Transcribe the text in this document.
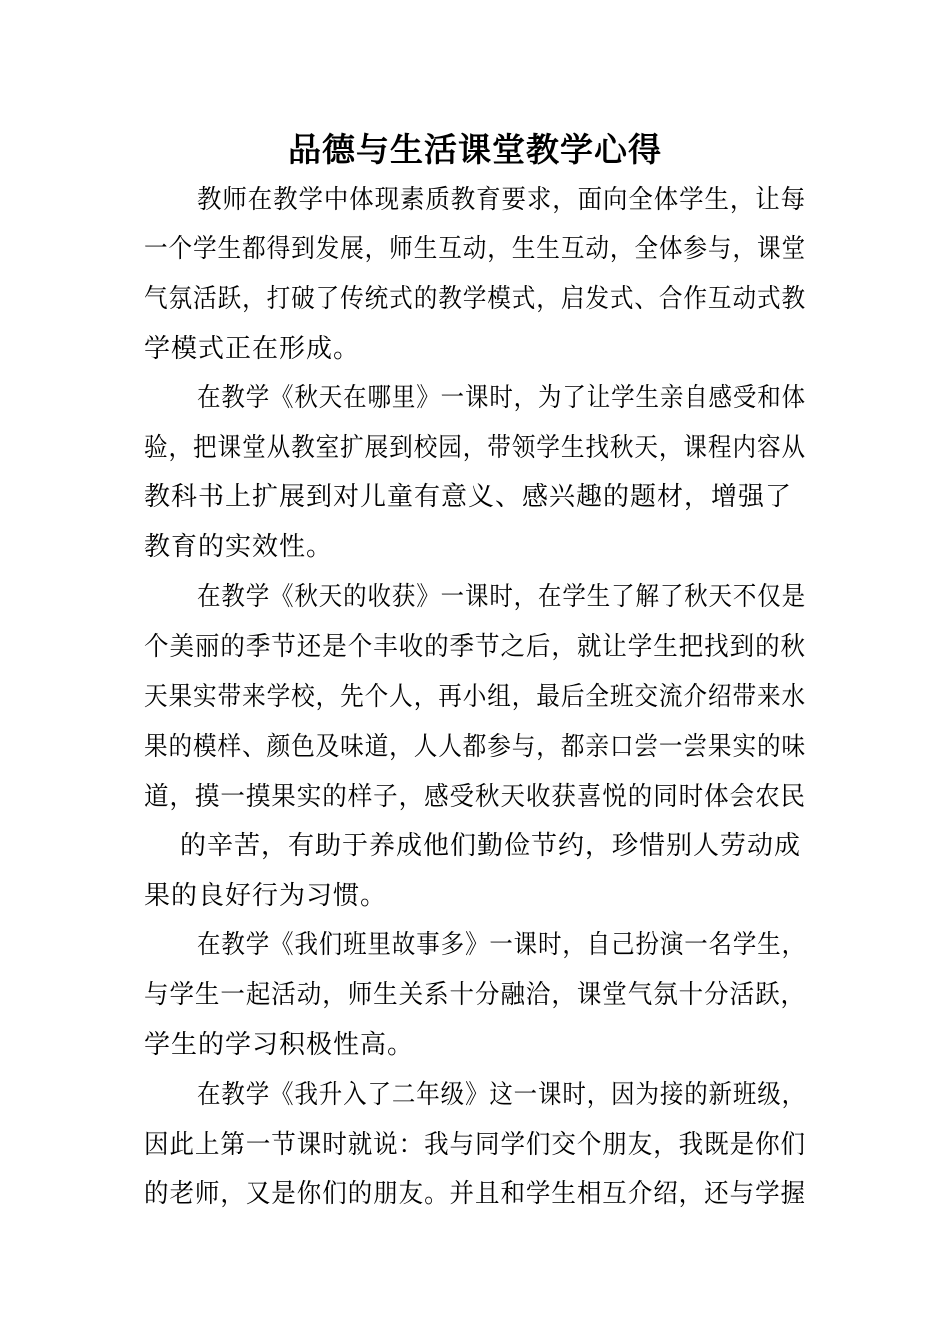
品德与生活课堂教学心得
教师在教学中体现素质教育要求，面向全体学生，让每
一个学生都得到发展，师生互动，生生互动，全体参与，课堂
气氛活跃，打破了传统式的教学模式，启发式、合作互动式教
学模式正在形成。
在教学《秋天在哪里》一课时，为了让学生亲自感受和体
验，把课堂从教室扩展到校园，带领学生找秋天，课程内容从
教科书上扩展到对儿童有意义、感兴趣的题材，增强了
教育的实效性。
在教学《秋天的收获》一课时，在学生了解了秋天不仅是
个美丽的季节还是个丰收的季节之后，就让学生把找到的秋
天果实带来学校，先个人，再小组，最后全班交流介绍带来水
果的模样、颜色及味道，人人都参与，都亲口尝一尝果实的味
道，摸一摸果实的样子，感受秋天收获喜悦的同时体会农民
的辛苦，有助于养成他们勤俭节约，珍惜别人劳动成
果的良好行为习惯。
在教学《我们班里故事多》一课时，自己扮演一名学生，
与学生一起活动，师生关系十分融洽，课堂气氛十分活跃，
学生的学习积极性高。
在教学《我升入了二年级》这一课时，因为接的新班级，
因此上第一节课时就说：我与同学们交个朋友，我既是你们
的老师，又是你们的朋友。并且和学生相互介绍，还与学握
